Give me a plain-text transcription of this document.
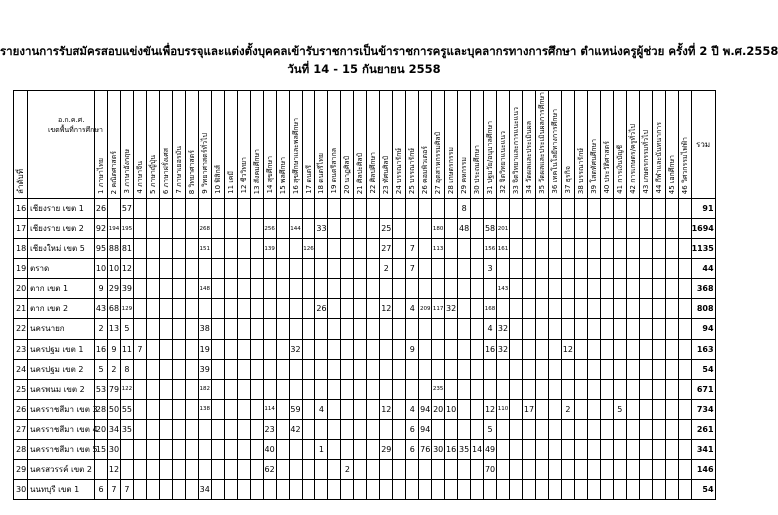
รายงานการรับสมัครสอบแข่งขันเพื่อบรรจุและแต่งตั้งบุคคลเข้ารับราชการเป็นข้าราชการครูและบุคลากรทางการศึกษา ตำแหน่งครูผู้ช่วย ครั้งที่ 2 ปี พ.ศ.2558
วันที่ 14 - 15 กันยายน 2558
ลำดับที่	อ.ก.ค.ศ.
เขตพื้นที่การศึกษา	1 ภาษาไทย	2 คณิตศาสตร์	3 ภาษาอังกฤษ	4 ภาษาจีน	5 ภาษาญี่ปุ่น	6 ภาษาฝรั่งเศส	7 ภาษาเยอรมัน	8 วิทยาศาสตร์	9 วิทยาศาสตร์ทั่วไป	10 ฟิสิกส์	11 เคมี	12 ชีววิทยา	13 สังคมศึกษา	14 สุขศึกษา	15 พลศึกษา	16 สุขศึกษาและพลศึกษา	17 ดนตรี	18 ดนตรีไทย	19 ดนตรีสากล	20 นาฏศิลป์	21 ศิลปะศิลป์	22 ศิลปศึกษา	23 ทัศนศิลป์	24 บรรณารักษ์	25 บรรณารักษ์	26 คอมพิวเตอร์	27 อุตสาหกรรมศิลป์	28 เกษตรกรรม	29 คหกรรม	30 ประถมศึกษา	31 ปฐมวัย/อนุบาลศึกษา	32 จิตวิทยาแนะแนว	33 จิตวิทยาและการแนะแนว	34 วัดผลและประเมินผล	35 วัดผลและประเมินผลการศึกษา	36 เทคโนโลยีทางการศึกษา	37 ธุรกิจ	38 บรรณารักษ์	39 โสตทัศนศึกษา	40 ประวัติศาสตร์	41 การเงินบัญชี	42 การเกษตร/ครูทั่วไป	43 เกษตรกรรมทั่วไป	44 กีฬาและนันทนาการ	45 เอกศึกษา	46 วิศวกรรมไฟฟ้า	รวม
16	เชียงราย เขต 1	26		57																										8																		91
17	เชียงราย เขต 2	92	194	195						268					256		144		33					25				180		48		58	201															1694
18	เชียงใหม่ เขต 5	95	88	81						151					139			126						27		7		113				156	161															1135
19	ตราด	10	10	12																				2		7						3																44
20	ตาก เขต 1	9	29	39						148																							143															368
21	ตาก เขต 2	43	68	129															26					12		4	209	117	32			168																808
22	นครนายก	2	13	5						38																						4	32															94
23	นครปฐม เขต 1	16	9	11	7					19							32									9						16	32					12										163
24	นครปฐม เขต 2	5	2	8						39																																						54
25	นครพนม เขต 2	53	79	122						182																		235																				671
26	นครราชสีมา เขต 3	28	50	55						138					114		59		4					12		4	94	20	10			12	110		17			2				5						734
27	นครราชสีมา เขต 4	20	34	35											23		42									6	94					5																261
28	นครราชสีมา เขต 5	15	30												40				1					29		6	76	30	16	35	14	49																341
29	นครสวรรค์ เขต 2		12												62						2											70																146
30	นนทบุรี เขต 1	6	7	7						34																																						54
